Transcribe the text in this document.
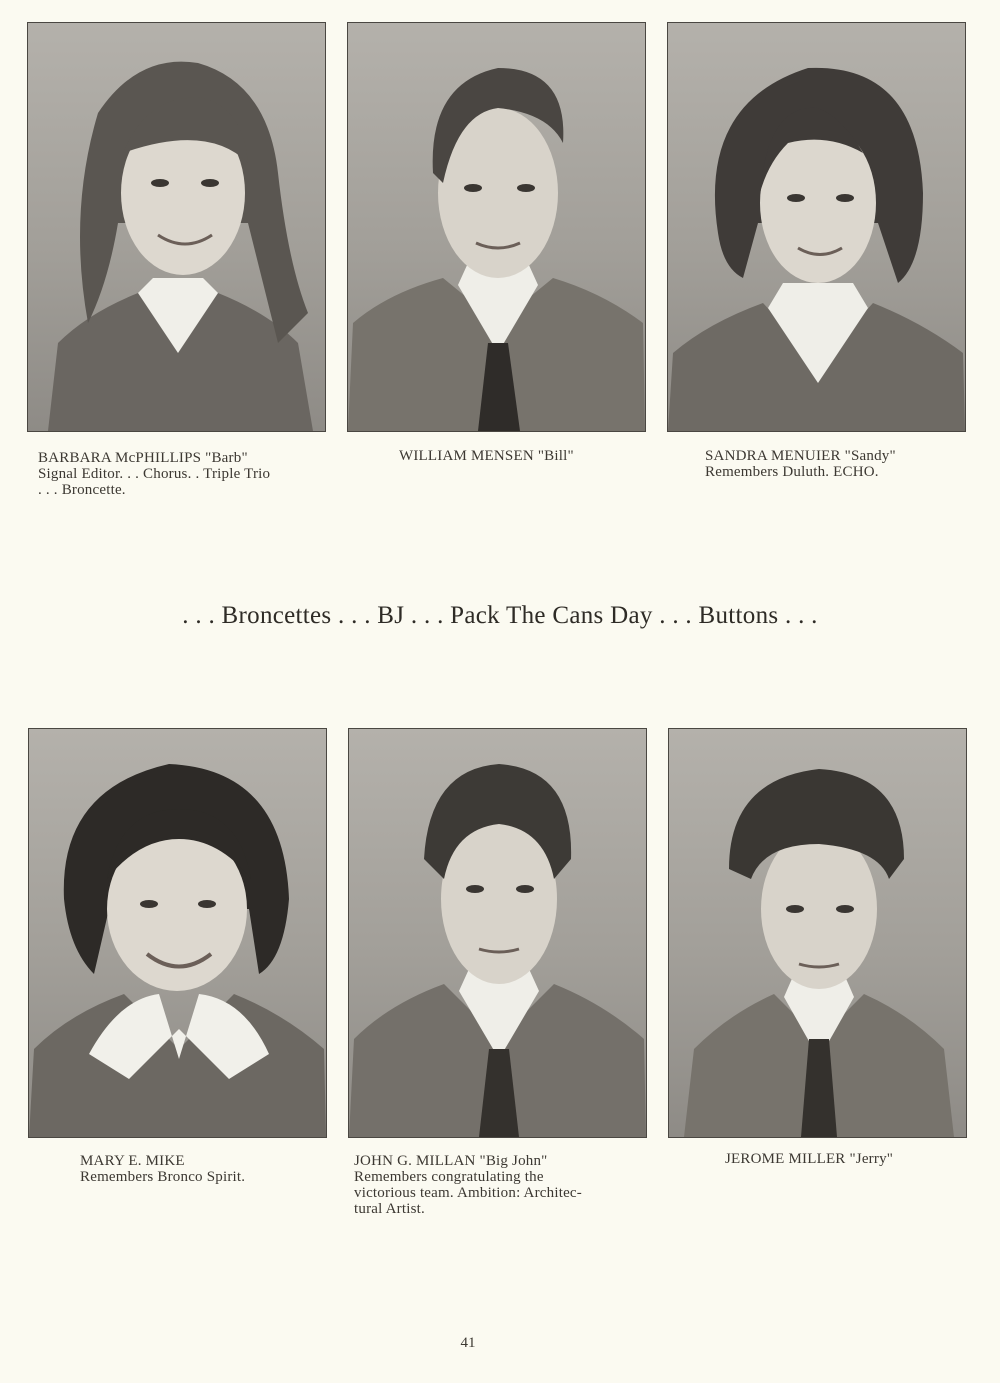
BARBARA McPHILLIPS "Barb"
Signal Editor. . . Chorus. . Triple Trio
. . . Broncette.
WILLIAM MENSEN "Bill"	SANDRA MENUIER "Sandy"
Remembers Duluth. ECHO.
. . . Broncettes . . . BJ . . . Pack The Cans Day . . . Buttons . . .
MARY E. MIKE
Remembers Bronco Spirit.
JOHN G. MILLAN "Big John"
Remembers congratulating the
victorious team. Ambition: Architec-
tural Artist.
JEROME MILLER "Jerry"
41
